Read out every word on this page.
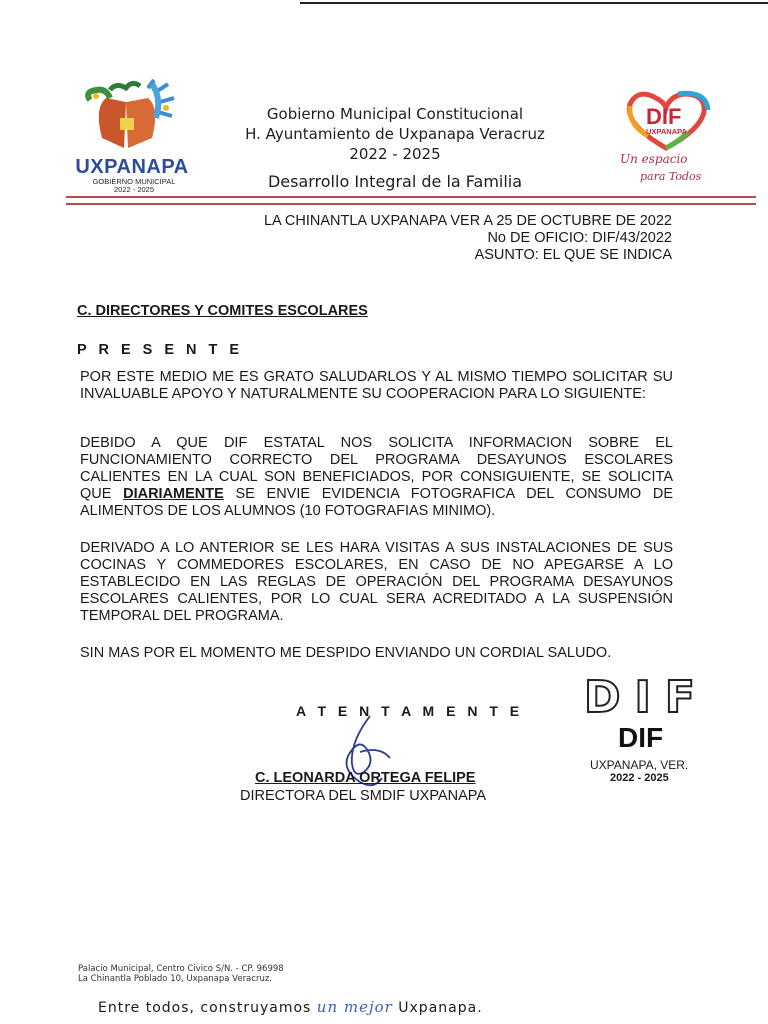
UXPANAPA
GOBIERNO MUNICIPAL
2022 - 2025
Gobierno Municipal Constitucional
H. Ayuntamiento de Uxpanapa Veracruz
2022 - 2025
Desarrollo Integral de la Familia
DIF
UXPANAPA
Un espacio
para Todos
LA CHINANTLA UXPANAPA VER A 25 DE OCTUBRE DE 2022
No DE OFICIO: DIF/43/2022
ASUNTO: EL QUE SE INDICA
C. DIRECTORES Y COMITES ESCOLARES
P R E S E N T E
POR ESTE MEDIO ME ES GRATO SALUDARLOS Y AL MISMO TIEMPO SOLICITAR SU INVALUABLE APOYO Y NATURALMENTE SU COOPERACION PARA LO SIGUIENTE:
DEBIDO A QUE DIF ESTATAL NOS SOLICITA INFORMACION SOBRE EL FUNCIONAMIENTO CORRECTO DEL PROGRAMA DESAYUNOS ESCOLARES CALIENTES EN LA CUAL SON BENEFICIADOS, POR CONSIGUIENTE, SE SOLICITA QUE DIARIAMENTE SE ENVIE EVIDENCIA FOTOGRAFICA DEL CONSUMO DE ALIMENTOS DE LOS ALUMNOS (10 FOTOGRAFIAS MINIMO).
DERIVADO A LO ANTERIOR SE LES HARA VISITAS A SUS INSTALACIONES DE SUS COCINAS Y COMMEDORES ESCOLARES, EN CASO DE NO APEGARSE A LO ESTABLECIDO EN LAS REGLAS DE OPERACIÓN DEL PROGRAMA DESAYUNOS ESCOLARES CALIENTES, POR LO CUAL SERA ACREDITADO A LA SUSPENSIÓN TEMPORAL DEL PROGRAMA.
SIN MAS POR EL MOMENTO ME DESPIDO ENVIANDO UN CORDIAL SALUDO.
A T E N T A M E N T E
C. LEONARDA ORTEGA FELIPE
DIRECTORA DEL SMDIF UXPANAPA
DIF
DIF
UXPANAPA, VER.
2022 - 2025
Palacio Municipal, Centro Civico S/N. - CP. 96998
La Chinantla Poblado 10, Uxpanapa Veracruz.
Entre todos, construyamos un mejor Uxpanapa.
